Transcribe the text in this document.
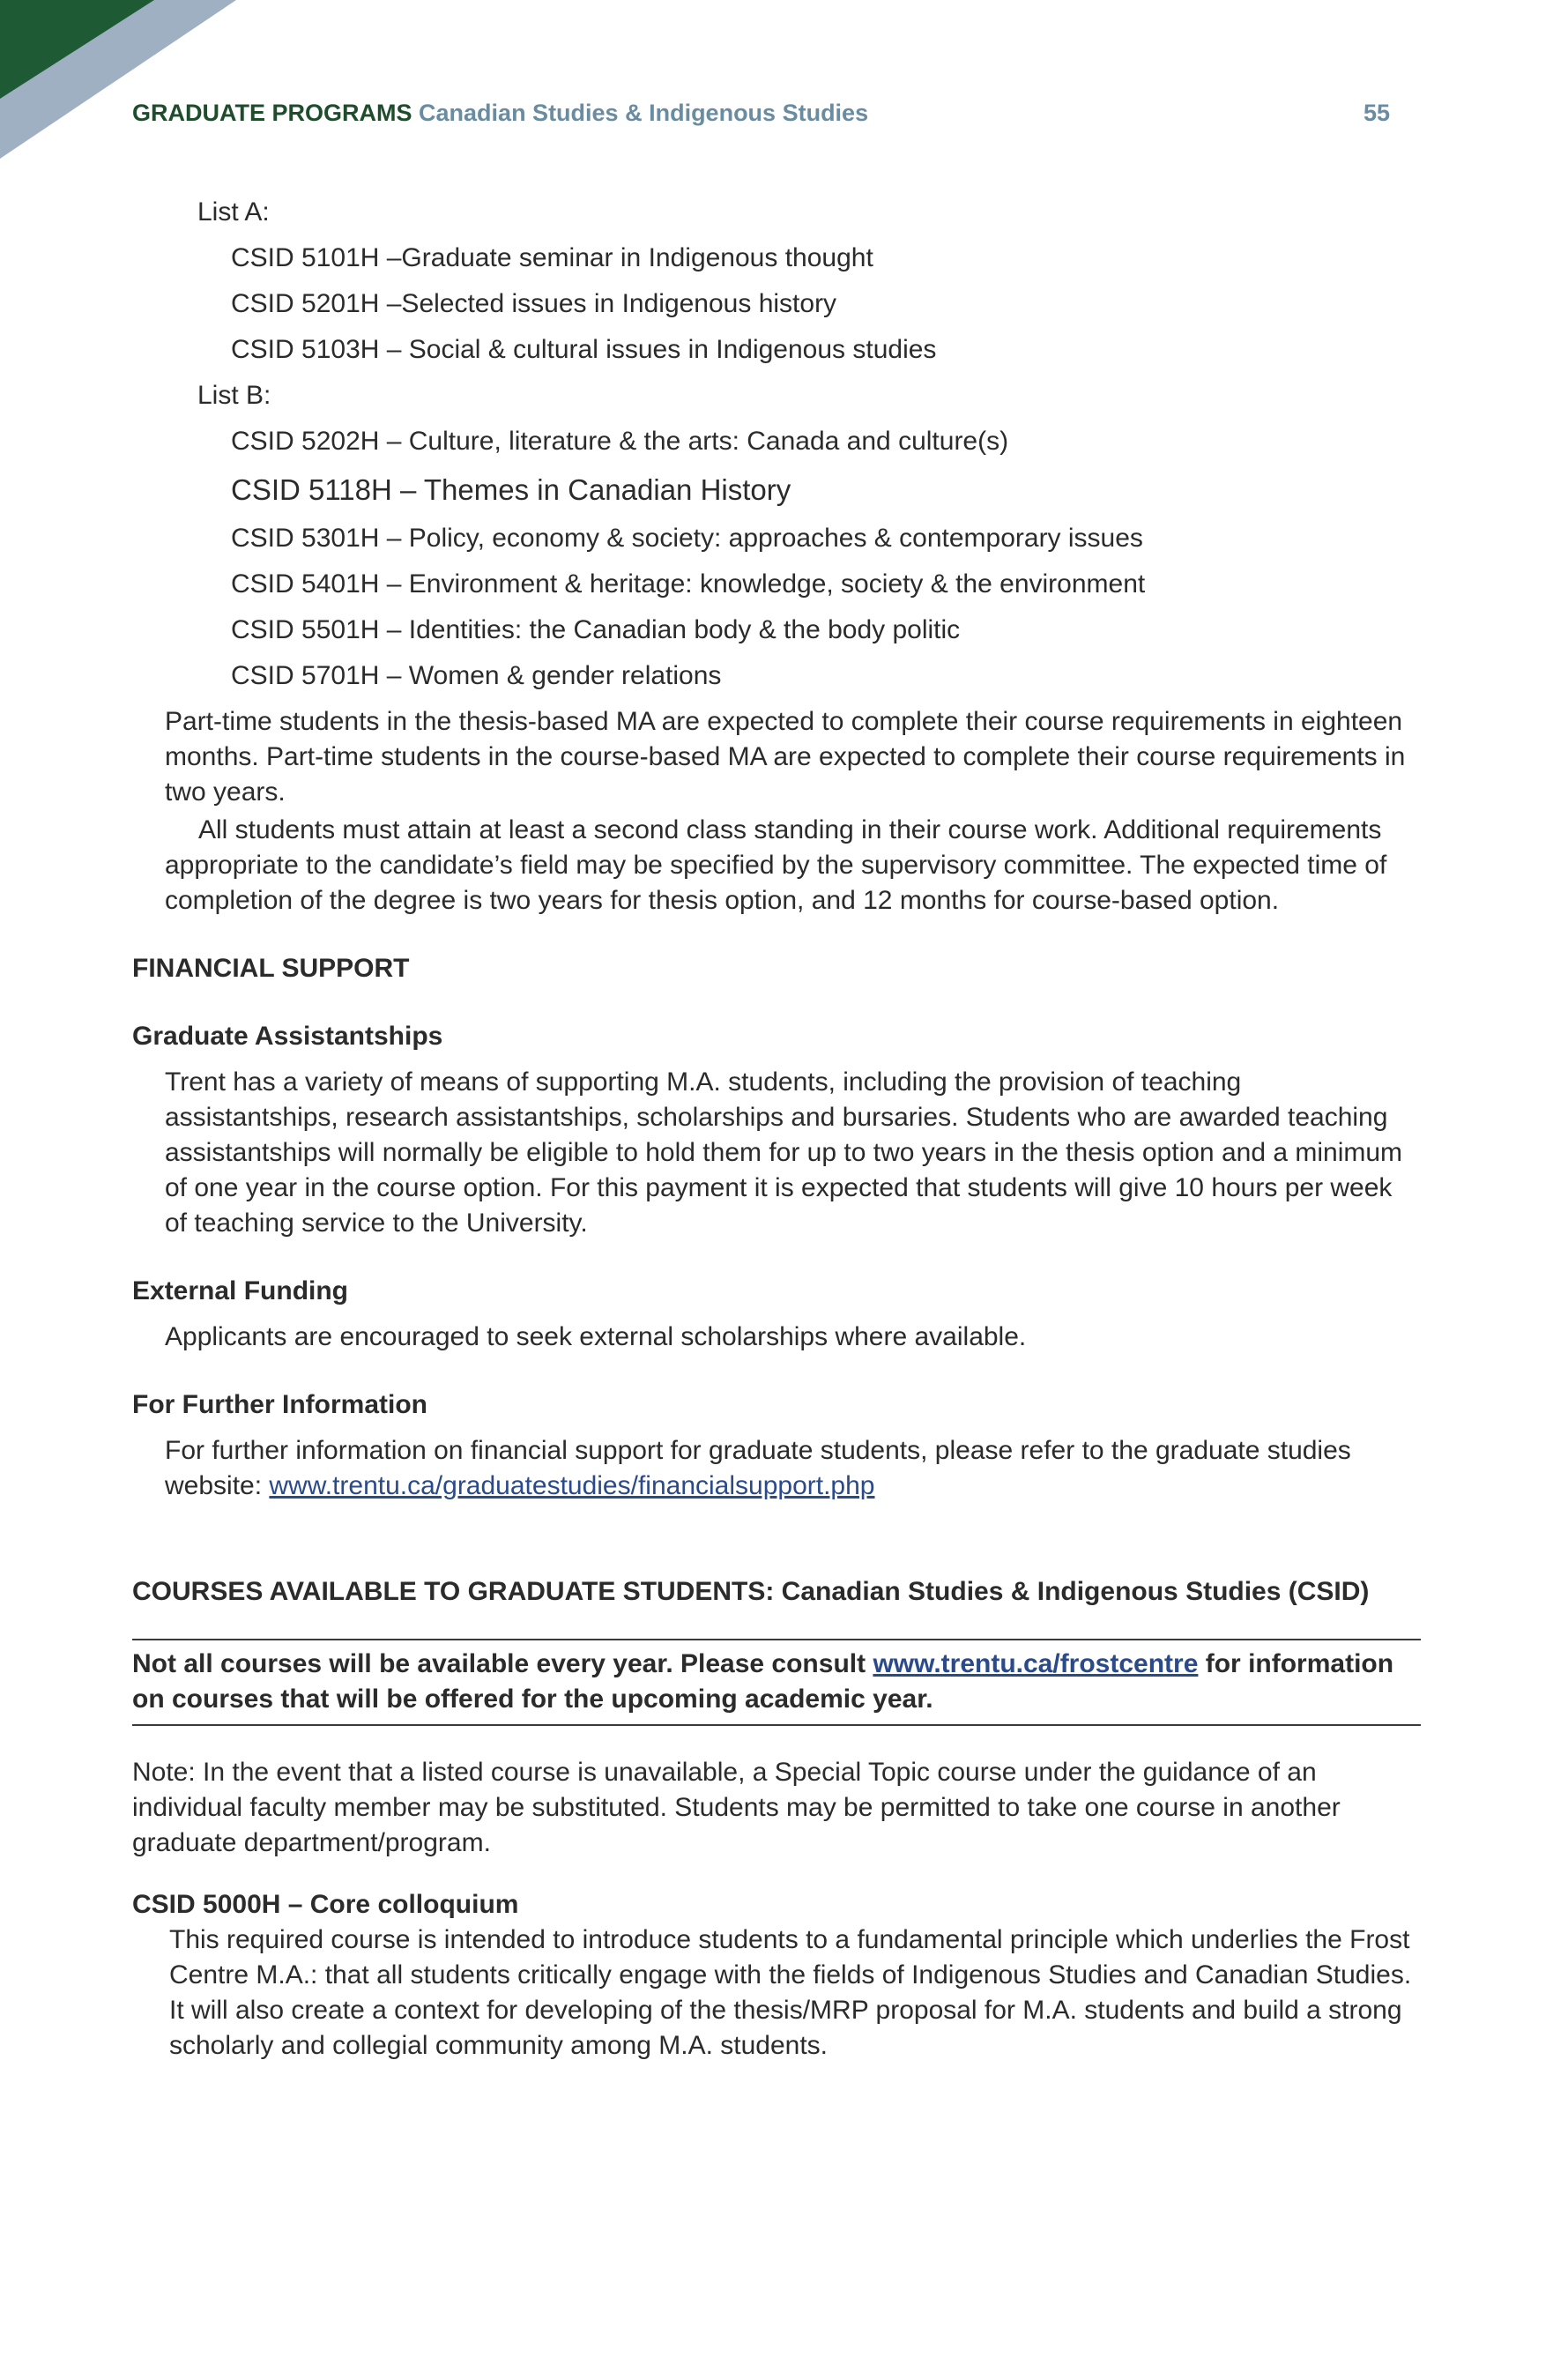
GRADUATE PROGRAMS Canadian Studies & Indigenous Studies	55
List A:
CSID 5101H –Graduate seminar in Indigenous thought
CSID 5201H –Selected issues in Indigenous history
CSID 5103H – Social & cultural issues in Indigenous studies
List B:
CSID 5202H – Culture, literature & the arts: Canada and culture(s)
CSID 5118H – Themes in Canadian History
CSID 5301H – Policy, economy & society: approaches & contemporary issues
CSID 5401H – Environment & heritage: knowledge, society & the environment
CSID 5501H – Identities: the Canadian body & the body politic
CSID 5701H – Women & gender relations

Part-time students in the thesis-based MA are expected to complete their course requirements in eighteen months. Part-time students in the course-based MA are expected to complete their course requirements in two years.

All students must attain at least a second class standing in their course work. Additional requirements appropriate to the candidate’s field may be specified by the supervisory committee. The expected time of completion of the degree is two years for thesis option, and 12 months for course-based option.

FINANCIAL SUPPORT
Graduate Assistantships

Trent has a variety of means of supporting M.A. students, including the provision of teaching assistantships, research assistantships, scholarships and bursaries. Students who are awarded teaching assistantships will normally be eligible to hold them for up to two years in the thesis option and a minimum of one year in the course option. For this payment it is expected that students will give 10 hours per week of teaching service to the University.

External Funding

Applicants are encouraged to seek external scholarships where available.

For Further Information

For further information on financial support for graduate students, please refer to the graduate studies website: www.trentu.ca/graduatestudies/financialsupport.php

COURSES AVAILABLE TO GRADUATE STUDENTS: Canadian Studies & Indigenous Studies (CSID)
Not all courses will be available every year. Please consult www.trentu.ca/frostcentre for information on courses that will be offered for the upcoming academic year.

Note: In the event that a listed course is unavailable, a Special Topic course under the guidance of an individual faculty member may be substituted. Students may be permitted to take one course in another graduate department/program.

CSID 5000H – Core colloquium

This required course is intended to introduce students to a fundamental principle which underlies the Frost Centre M.A.: that all students critically engage with the fields of Indigenous Studies and Canadian Studies. It will also create a context for developing of the thesis/MRP proposal for M.A. students and build a strong scholarly and collegial community among M.A. students.
